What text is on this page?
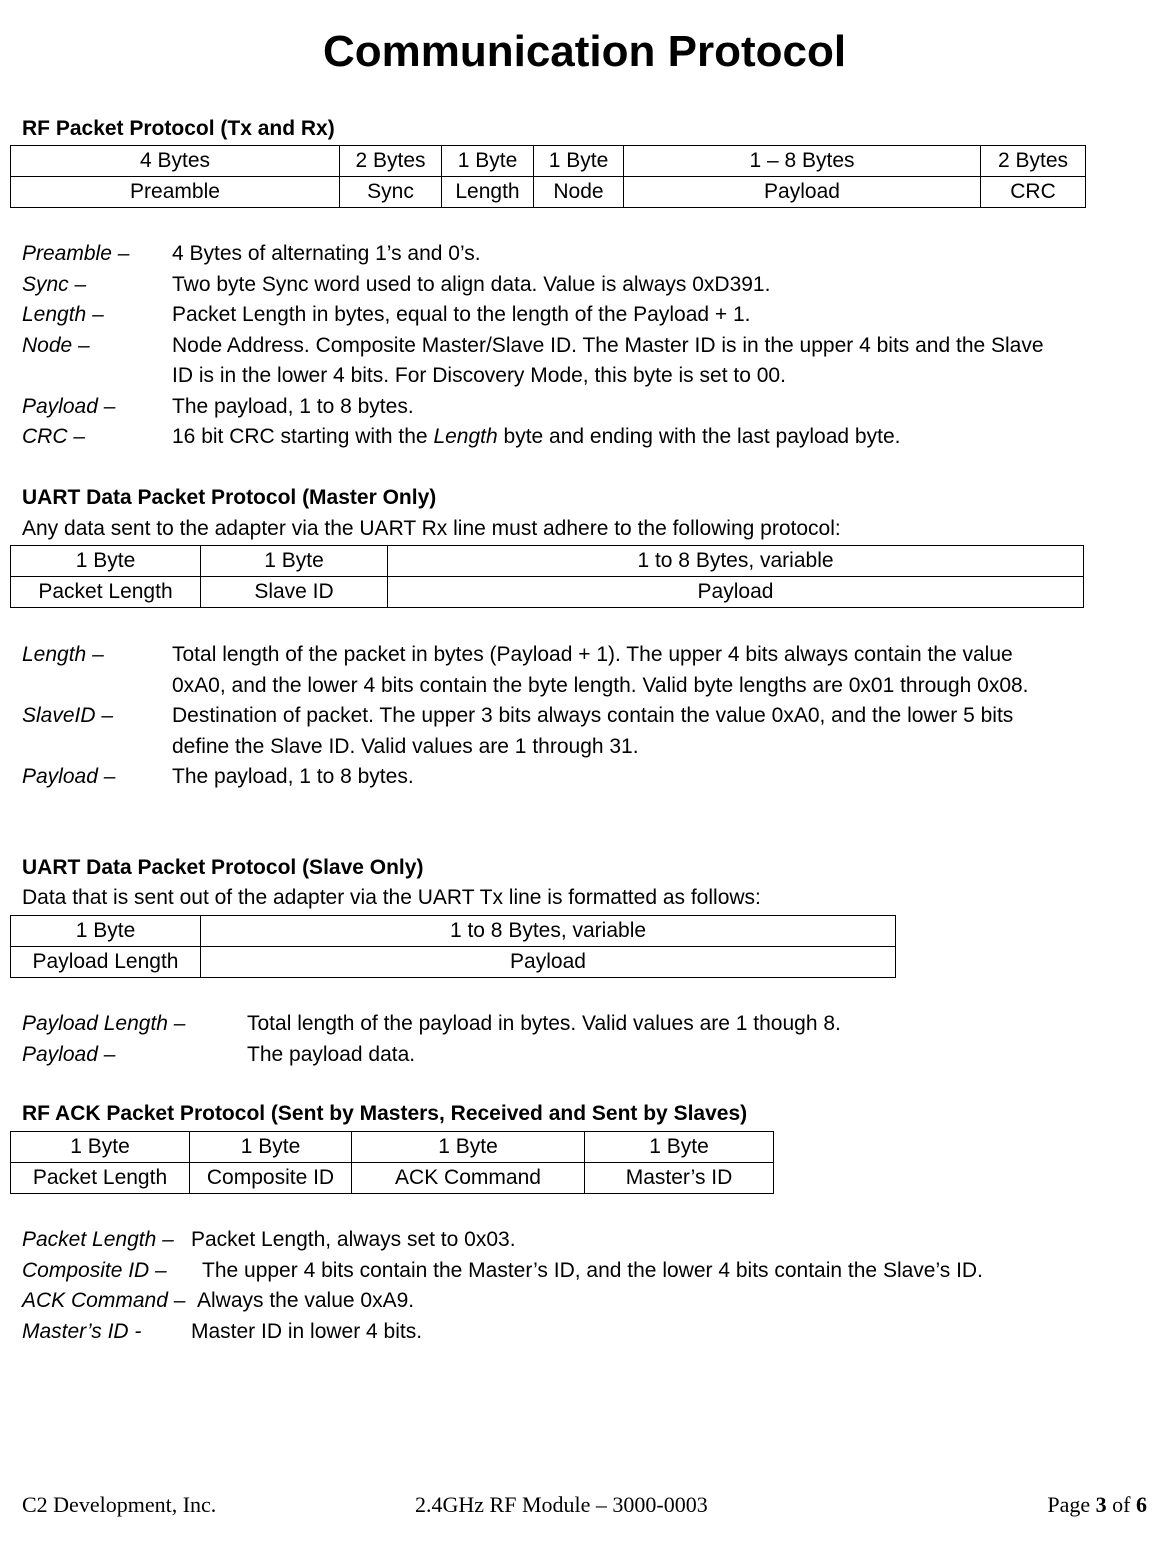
Communication Protocol
RF Packet Protocol (Tx and Rx)
4 Bytes	2 Bytes	1 Byte	1 Byte	1 – 8 Bytes	2 Bytes
Preamble	Sync	Length	Node	Payload	CRC
Preamble –	4 Bytes of alternating 1’s and 0’s.
Sync –	Two byte Sync word used to align data. Value is always 0xD391.
Length –	Packet Length in bytes, equal to the length of the Payload + 1.
Node –	Node Address. Composite Master/Slave ID. The Master ID is in the upper 4 bits and the Slave ID is in the lower 4 bits. For Discovery Mode, this byte is set to 00.
Payload –	The payload, 1 to 8 bytes.
CRC –	16 bit CRC starting with the Length byte and ending with the last payload byte.
UART Data Packet Protocol (Master Only)
Any data sent to the adapter via the UART Rx line must adhere to the following protocol:
1 Byte	1 Byte	1 to 8 Bytes, variable
Packet Length	Slave ID	Payload
Length –	Total length of the packet in bytes (Payload + 1). The upper 4 bits always contain the value 0xA0, and the lower 4 bits contain the byte length. Valid byte lengths are 0x01 through 0x08.
SlaveID –	Destination of packet. The upper 3 bits always contain the value 0xA0, and the lower 5 bits define the Slave ID. Valid values are 1 through 31.
Payload –	The payload, 1 to 8 bytes.
UART Data Packet Protocol (Slave Only)
Data that is sent out of the adapter via the UART Tx line is formatted as follows:
1 Byte	1 to 8 Bytes, variable
Payload Length	Payload
Payload Length –	Total length of the payload in bytes. Valid values are 1 though 8.
Payload –	The payload data.
RF ACK Packet Protocol (Sent by Masters, Received and Sent by Slaves)
1 Byte	1 Byte	1 Byte	1 Byte
Packet Length	Composite ID	ACK Command	Master’s ID
Packet Length – Packet Length, always set to 0x03.
Composite ID –	The upper 4 bits contain the Master’s ID, and the lower 4 bits contain the Slave’s ID.
ACK Command – Always the value 0xA9.
Master’s ID -	Master ID in lower 4 bits.
C2 Development, Inc.	2.4GHz RF Module – 3000-0003	Page 3 of 6
